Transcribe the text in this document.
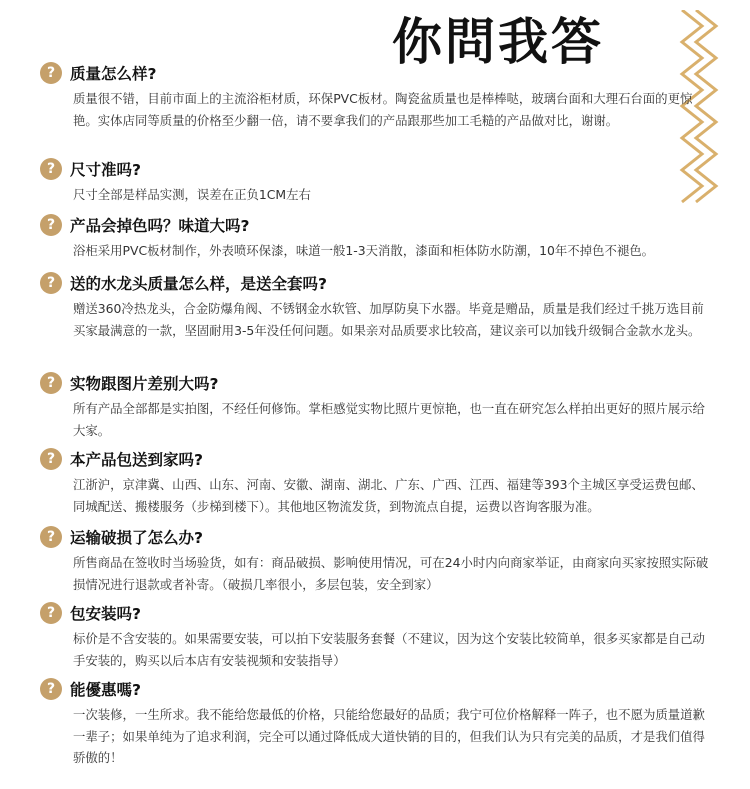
你問我答
? 质量怎么样?
质量很不错，目前市面上的主流浴柜材质，环保PVC板材。陶瓷盆质量也是棒棒哒，玻璃台面和大理石台面的更惊艳。实体店同等质量的价格至少翻一倍，请不要拿我们的产品跟那些加工毛糙的产品做对比，谢谢。
? 尺寸准吗?
尺寸全部是样品实测，误差在正负1CM左右
? 产品会掉色吗？味道大吗?
浴柜采用PVC板材制作，外表喷环保漆，味道一般1-3天消散，漆面和柜体防水防潮，10年不掉色不褪色。
? 送的水龙头质量怎么样，是送全套吗?
赠送360冷热龙头，合金防爆角阀、不锈钢金水软管、加厚防臭下水器。毕竟是赠品，质量是我们经过千挑万选目前买家最满意的一款，坚固耐用3-5年没任何问题。如果亲对品质要求比较高，建议亲可以加钱升级铜合金款水龙头。
? 实物跟图片差别大吗?
所有产品全部都是实拍图，不经任何修饰。掌柜感觉实物比照片更惊艳，也一直在研究怎么样拍出更好的照片展示给大家。
? 本产品包送到家吗?
江浙沪，京津冀、山西、山东、河南、安徽、湖南、湖北、广东、广西、江西、福建等393个主城区享受运费包邮、同城配送、搬楼服务（步梯到楼下）。其他地区物流发货，到物流点自提，运费以咨询客服为准。
? 运输破损了怎么办?
所售商品在签收时当场验货，如有：商品破损、影响使用情况，可在24小时内向商家举证，由商家向买家按照实际破损情况进行退款或者补寄。（破损几率很小，多层包装，安全到家）
? 包安装吗?
标价是不含安装的。如果需要安装，可以拍下安装服务套餐（不建议，因为这个安装比较简单，很多买家都是自己动手安装的，购买以后本店有安装视频和安装指导）
? 能優惠嗎?
一次装修，一生所求。我不能给您最低的价格，只能给您最好的品质；我宁可位价格解释一阵子，也不愿为质量道歉一辈子；如果单纯为了追求利润，完全可以通过降低成大道快销的目的，但我们认为只有完美的品质，才是我们值得骄傲的！
